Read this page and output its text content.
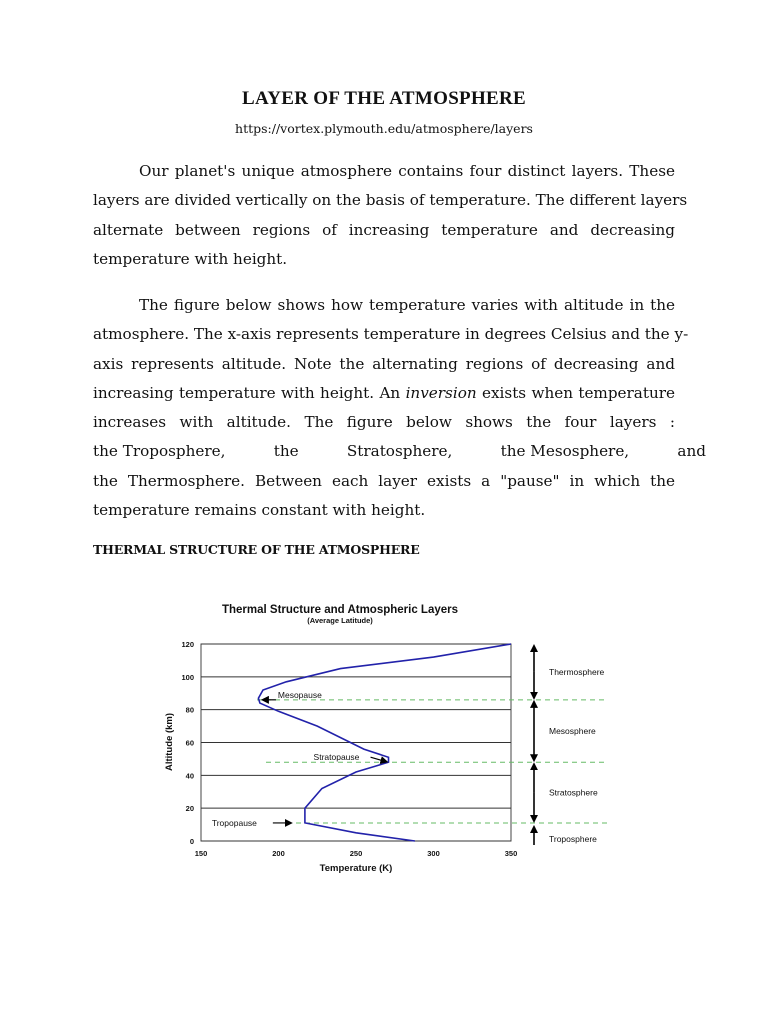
LAYER OF THE ATMOSPHERE
https://vortex.plymouth.edu/atmosphere/layers
Our planet's unique atmosphere contains four distinct layers. These
layers are divided vertically on the basis of temperature. The different layers
alternate between regions of increasing temperature and decreasing
temperature with height.
The figure below shows how temperature varies with altitude in the
atmosphere. The x-axis represents temperature in degrees Celsius and the y-
axis represents altitude. Note the alternating regions of decreasing and
increasing temperature with height. An inversion exists when temperature
increases with altitude. The figure below shows the four layers :
the Troposphere,          the          Stratosphere,          the Mesosphere,          and
the Thermosphere. Between each layer exists a "pause" in which the
temperature remains constant with height.
THERMAL STRUCTURE OF THE ATMOSPHERE
Thermal Structure and Atmospheric Layers
(Average Latitude)
0
20
40
60
80
100
120
150	200	250	300	350
Mesopause
Stratopause
Tropopause
Thermosphere
Mesosphere
Stratosphere
Troposphere
Temperature (K)
Altitude (km)
